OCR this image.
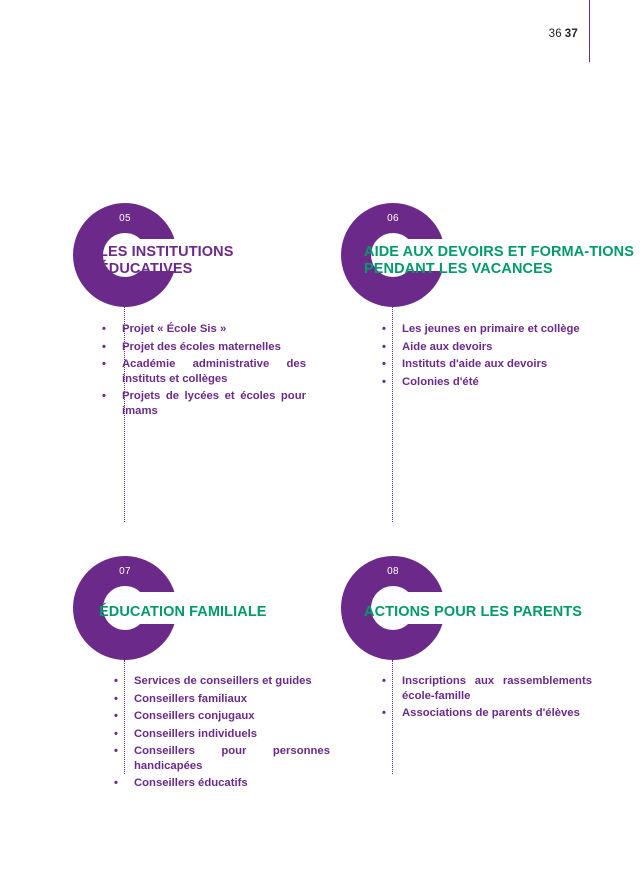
36 37
05
LES INSTITUTIONS ÉDUCATIVES
• Projet « École Sis »
• Projet des écoles maternelles
• Académie administrative des instituts et collèges
• Projets de lycées et écoles pour imams
06
AIDE AUX DEVOIRS ET FORMA-TIONS PENDANT LES VACANCES
• Les jeunes en primaire et collège
• Aide aux devoirs
• Instituts d'aide aux devoirs
• Colonies d'été
07
ÉDUCATION FAMILIALE
• Services de conseillers et guides
• Conseillers familiaux
• Conseillers conjugaux
• Conseillers individuels
• Conseillers pour personnes handicapées
• Conseillers éducatifs
08
ACTIONS POUR LES PARENTS
• Inscriptions aux rassemblements école-famille
• Associations de parents d'élèves
